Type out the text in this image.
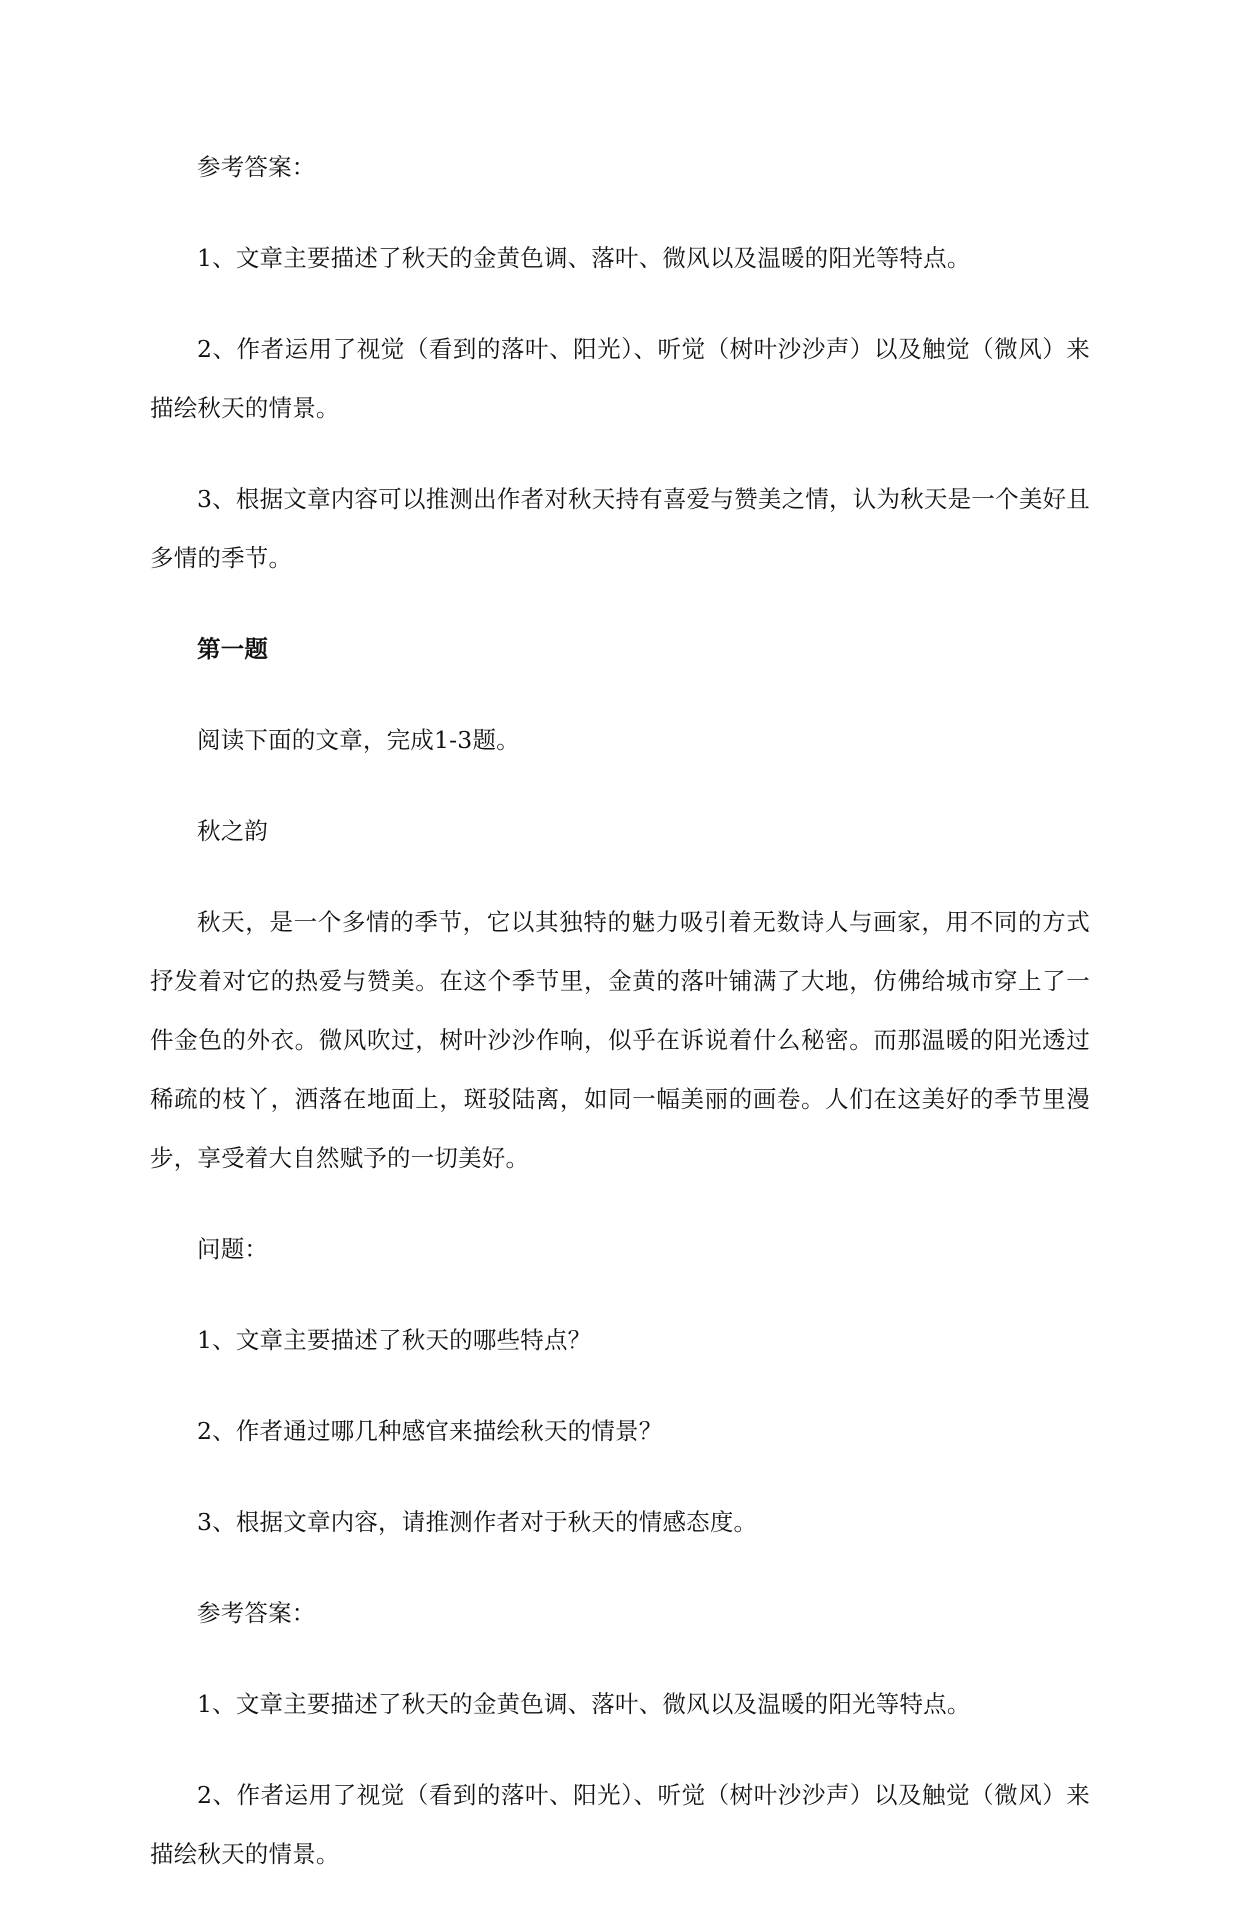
参考答案：

1、文章主要描述了秋天的金黄色调、落叶、微风以及温暖的阳光等特点。

2、作者运用了视觉（看到的落叶、阳光）、听觉（树叶沙沙声）以及触觉（微风）来描绘秋天的情景。

3、根据文章内容可以推测出作者对秋天持有喜爱与赞美之情，认为秋天是一个美好且多情的季节。

第一题

阅读下面的文章，完成1-3题。

秋之韵

秋天，是一个多情的季节，它以其独特的魅力吸引着无数诗人与画家，用不同的方式抒发着对它的热爱与赞美。在这个季节里，金黄的落叶铺满了大地，仿佛给城市穿上了一件金色的外衣。微风吹过，树叶沙沙作响，似乎在诉说着什么秘密。而那温暖的阳光透过稀疏的枝丫，洒落在地面上，斑驳陆离，如同一幅美丽的画卷。人们在这美好的季节里漫步，享受着大自然赋予的一切美好。

问题：

1、文章主要描述了秋天的哪些特点？

2、作者通过哪几种感官来描绘秋天的情景？

3、根据文章内容，请推测作者对于秋天的情感态度。

参考答案：

1、文章主要描述了秋天的金黄色调、落叶、微风以及温暖的阳光等特点。

2、作者运用了视觉（看到的落叶、阳光）、听觉（树叶沙沙声）以及触觉（微风）来描绘秋天的情景。
